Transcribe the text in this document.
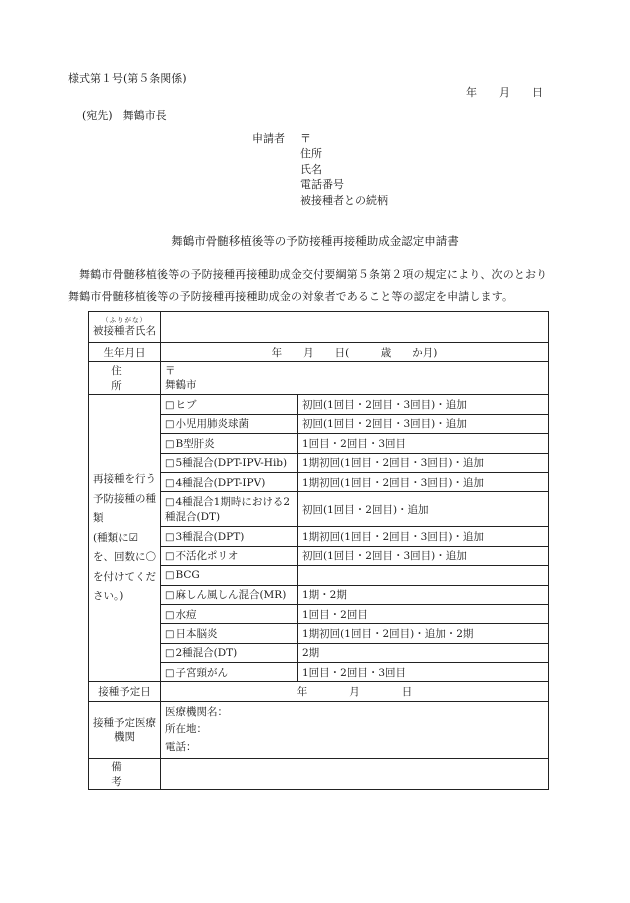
様式第１号(第５条関係)
年 月 日
(宛先) 舞鶴市長
申請者 〒
住所
氏名
電話番号
被接種者との続柄
舞鶴市骨髄移植後等の予防接種再接種助成金認定申請書
舞鶴市骨髄移植後等の予防接種再接種助成金交付要綱第５条第２項の規定により、次のとおり舞鶴市骨髄移植後等の予防接種再接種助成金の対象者であること等の認定を申請します。
（ふりがな）
被接種者氏名		

生年月日	年　　月　　日(　　　歳　　か月)	
住　所	〒
舞鶴市	

再接種を行う予防接種の種類
(種類に☑を、回数に〇を付けてください。)	□ヒブ	初回(1回目・2回目・3回目)・追加
	□小児用肺炎球菌	初回(1回目・2回目・3回目)・追加
	□B型肝炎	1回目・2回目・3回目
	□5種混合(DPT-IPV-Hib)	1期初回(1回目・2回目・3回目)・追加
	□4種混合(DPT-IPV)	1期初回(1回目・2回目・3回目)・追加
	□4種混合1期時における2種混合(DT)	初回(1回目・2回目)・追加
	□3種混合(DPT)	1期初回(1回目・2回目・3回目)・追加
	□不活化ポリオ	初回(1回目・2回目・3回目)・追加
	□BCG	
	□麻しん風しん混合(MR)	1期・2期
	□水痘	1回目・2回目
	□日本脳炎	1期初回(1回目・2回目)・追加・2期
	□2種混合(DT)	2期
	□子宮頸がん	1回目・2回目・3回目
接種予定日	年　　　　月　　　　日	
接種予定医療機関	医療機関名：
所在地：
電話：	

備　考		
